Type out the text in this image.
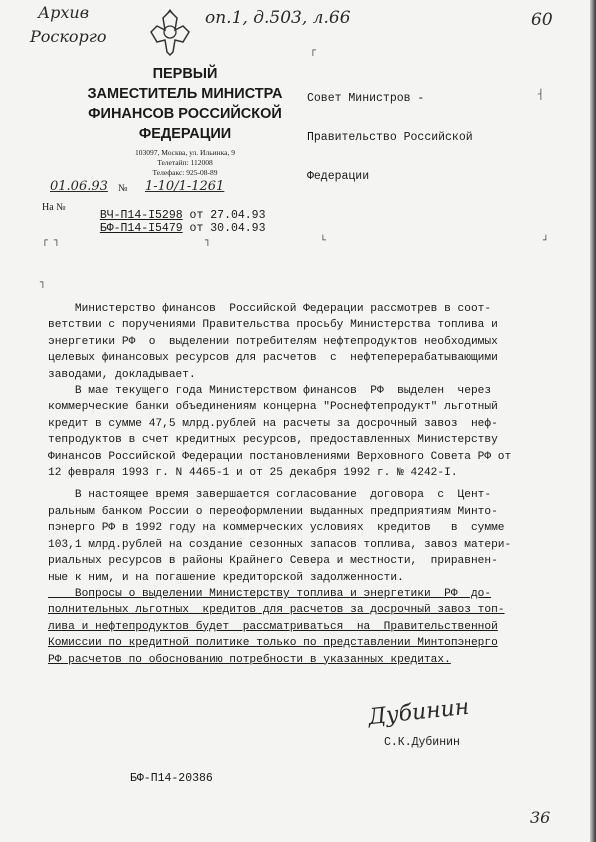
Архив
Роскорго
оп.1, д.503, л.66	60
ПЕРВЫЙ
ЗАМЕСТИТЕЛЬ МИНИСТРА
ФИНАНСОВ РОССИЙСКОЙ
ФЕДЕРАЦИИ
103097, Москва, ул. Ильинка, 9
Телетайп: 112008
Телефакс: 925-08-89
01.06.93 № 1-10/1-1261
На №

ВЧ-П14-I5298 от 27.04.93

БФ-П14-I5479 от 30.04.93

┌

Совет Министров -

Правительство Российской

Федерации

┤
┌ ┐	┐	└	┘
┐

Министерство финансов  Российской Федерации рассмотрев в соот-
ветствии с поручениями Правительства просьбу Министерства топлива и
энергетики РФ  о  выделении потребителям нефтепродуктов необходимых
целевых финансовых ресурсов для расчетов  с  нефтеперерабатывающими
заводами, докладывает.

В мае текущего года Министерством финансов  РФ  выделен  через
коммерческие банки объединениям концерна "Роснефтепродукт" льготный
кредит в сумме 47,5 млрд.рублей на расчеты за досрочный завоз  неф-
тепродуктов в счет кредитных ресурсов, предоставленных Министерству
Финансов Российской Федерации постановлениями Верховного Совета РФ от
12 февраля 1993 г. N 4465-1 и от 25 декабря 1992 г. № 4242-I.

В настоящее время завершается согласование  договора  с  Цент-
ральным банком России о переоформлении выданных предприятиям Минто-
пэнерго РФ в 1992 году на коммерческих условиях  кредитов   в  сумме
103,1 млрд.рублей на создание сезонных запасов топлива, завоз матери-
риальных ресурсов в районы Крайнего Севера и местности,  приравнен-
ные к ним, и на погашение кредиторской задолженности.

Вопросы о выделении Министерству топлива и энергетики  РФ  до-
полнительных льготных  кредитов для расчетов за досрочный завоз топ-
лива и нефтепродуктов будет  рассматриваться  на  Правительственной
Комиссии по кредитной политике только по представлении Минтопэнерго
РФ расчетов по обоснованию потребности в указанных кредитах.

Дубинин
С.К.Дубинин
БФ-П14-20386
36
